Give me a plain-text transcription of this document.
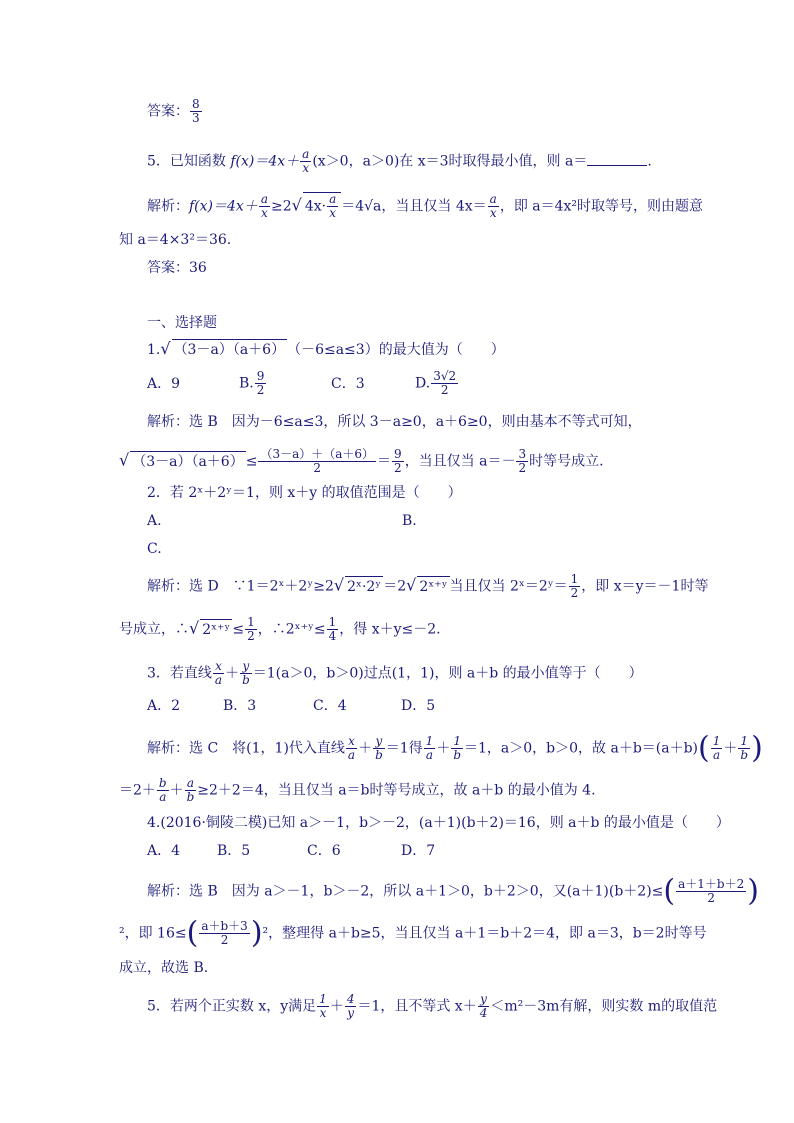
答案： $\frac{8}{3}$
5．已知函数 $f(x)=4x+ \frac{a}{x} (x>0$，a＞0)在 x＝3时取得最小值，则 a＝	.
解析：$f(x)=4x+ \frac{a}{x} \ge 2√$ $4x\cdot \frac{a}{x} =4√a$，当且仅当 $4x= \frac{a}{x}$ ，即 a＝4x²时取等号，则由题意
知 a＝4×3²＝36.
答案：36
一、选择题
1.√ （3－a）（a＋6） （－6≤a≤3）的最大值为（　　）
A．9	B. $\frac{9}{2}$	C．3	D. $\frac{3√2}{2}$
解析：选 B　因为－6≤a≤3，所以 3－a≥0，a＋6≥0，则由基本不等式可知，
√ $(3-a)(a+6) \le \frac{(3-a)+(a+6)}{2} = \frac{9}{2}$ ，当且仅当 $a=- \frac{3}{2}$ 时等号成立.
2．若 2ˣ＋2ʸ＝1，则 x＋y 的取值范围是（　　）
A.	B.
C.
解析：选 D　∵1＝2ˣ＋2ʸ≥2√ 2ˣ·2ʸ ＝2√ 2ˣ⁺ʸ 当且仅当 2ˣ＝2ʸ＝ $\frac{1}{2}$ ，即 x＝y＝－1时等
号成立，∴√ 2ˣ⁺ʸ ≤ $\frac{1}{2}$ ，∴2ˣ⁺ʸ≤ $\frac{1}{4}$ ，得 x＋y≤－2.
3．若直线 $\frac{x}{a} + \frac{y}{b} =1(a>0$，b＞0)过点(1，1)，则 a＋b 的最小值等于（　　）
A．2	B．3	C．4	D．5
解析：选 C　将(1，1)代入直线 $\frac{x}{a} + \frac{y}{b} =1$得 $\frac{1}{a} + \frac{1}{b} =1$，a＞0，b＞0，故 $a+b=(a+b)( \frac{1}{a} + \frac{1}{b}$ )
$=2+ \frac{b}{a} + \frac{a}{b} \ge 2+2=4$，当且仅当 a＝b时等号成立，故 a＋b 的最小值为 4.
4.(2016·铜陵二模)已知 a＞－1，b＞－2，(a＋1)(b＋2)＝16，则 a＋b 的最小值是（　　）
A．4	B．5	C．6	D．7
解析：选 B　因为 a＞－1，b＞－2，所以 a＋1＞0，b＋2＞0，又$(a+1)(b+2)\le( \frac{a+1+b+2}{2}$ )
²，即 $16\le( \frac{a+b+3}{2} )^2$，整理得 a＋b≥5，当且仅当 a＋1＝b＋2＝4，即 a＝3，b＝2时等号
成立，故选 B.
5．若两个正实数 x，y满足 $\frac{1}{x} + \frac{4}{y} =1$，且不等式 $x+ \frac{y}{4} <m^2-3m$有解，则实数 m的取值范
